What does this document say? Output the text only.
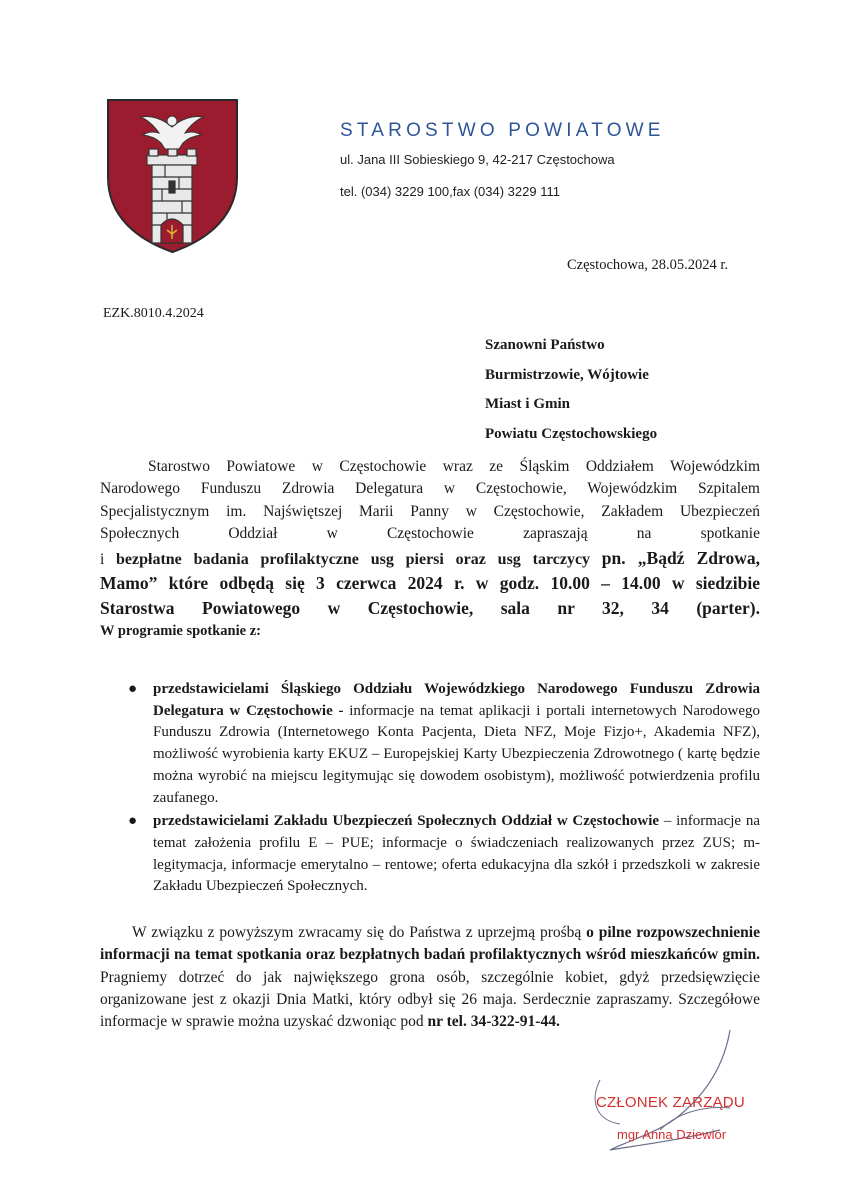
STAROSTWO POWIATOWE
ul. Jana III Sobieskiego 9, 42-217 Częstochowa
tel. (034) 3229 100,fax (034) 3229 111
Częstochowa, 28.05.2024 r.
EZK.8010.4.2024
Szanowni Państwo
Burmistrzowie, Wójtowie
Miast i Gmin
Powiatu Częstochowskiego
Starostwo Powiatowe w Częstochowie wraz ze Śląskim Oddziałem Wojewódzkim
Narodowego Funduszu Zdrowia Delegatura w Częstochowie, Wojewódzkim Szpitalem
Specjalistycznym im. Najświętszej Marii Panny w Częstochowie, Zakładem Ubezpieczeń
Społecznych Oddział w Częstochowie zapraszają na spotkanie
i bezpłatne badania profilaktyczne usg piersi oraz usg tarczycy pn. „Bądź Zdrowa,
Mamo” które odbędą się 3 czerwca 2024 r. w godz. 10.00 – 14.00 w siedzibie
Starostwa Powiatowego w Częstochowie, sala nr 32, 34 (parter).
W programie spotkanie z:
● przedstawicielami Śląskiego Oddziału Wojewódzkiego Narodowego Funduszu Zdrowia Delegatura w Częstochowie - informacje na temat aplikacji i portali internetowych Narodowego Funduszu Zdrowia (Internetowego Konta Pacjenta, Dieta NFZ, Moje Fizjo+, Akademia NFZ), możliwość wyrobienia karty EKUZ – Europejskiej Karty Ubezpieczenia Zdrowotnego ( kartę będzie można wyrobić na miejscu legitymując się dowodem osobistym), możliwość potwierdzenia profilu zaufanego.
● przedstawicielami Zakładu Ubezpieczeń Społecznych Oddział w Częstochowie – informacje na temat założenia profilu E – PUE; informacje o świadczeniach realizowanych przez ZUS; m- legitymacja, informacje emerytalno – rentowe; oferta edukacyjna dla szkół i przedszkoli w zakresie Zakładu Ubezpieczeń Społecznych.
W związku z powyższym zwracamy się do Państwa z uprzejmą prośbą o pilne rozpowszechnienie informacji na temat spotkania oraz bezpłatnych badań profilaktycznych wśród mieszkańców gmin. Pragniemy dotrzeć do jak największego grona osób, szczególnie kobiet, gdyż przedsięwzięcie organizowane jest z okazji Dnia Matki, który odbył się 26 maja. Serdecznie zapraszamy. Szczegółowe informacje w sprawie można uzyskać dzwoniąc pod nr tel. 34-322-91-44.
CZŁONEK ZARZĄDU
mgr Anna Dziewior
